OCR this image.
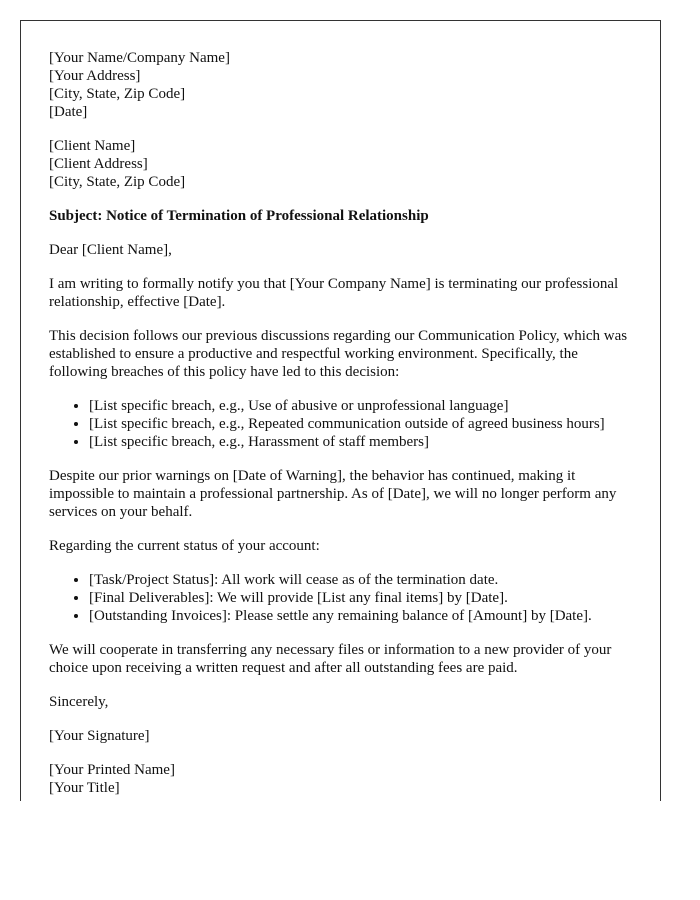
[Your Name/Company Name]
[Your Address]
[City, State, Zip Code]
[Date]

[Client Name]
[Client Address]
[City, State, Zip Code]

Subject: Notice of Termination of Professional Relationship

Dear [Client Name],

I am writing to formally notify you that [Your Company Name] is terminating our professional relationship, effective [Date].

This decision follows our previous discussions regarding our Communication Policy, which was established to ensure a productive and respectful working environment. Specifically, the following breaches of this policy have led to this decision:

• [List specific breach, e.g., Use of abusive or unprofessional language]
• [List specific breach, e.g., Repeated communication outside of agreed business hours]
• [List specific breach, e.g., Harassment of staff members]

Despite our prior warnings on [Date of Warning], the behavior has continued, making it impossible to maintain a professional partnership. As of [Date], we will no longer perform any services on your behalf.

Regarding the current status of your account:

• [Task/Project Status]: All work will cease as of the termination date.
• [Final Deliverables]: We will provide [List any final items] by [Date].
• [Outstanding Invoices]: Please settle any remaining balance of [Amount] by [Date].

We will cooperate in transferring any necessary files or information to a new provider of your choice upon receiving a written request and after all outstanding fees are paid.

Sincerely,

[Your Signature]

[Your Printed Name]
[Your Title]
